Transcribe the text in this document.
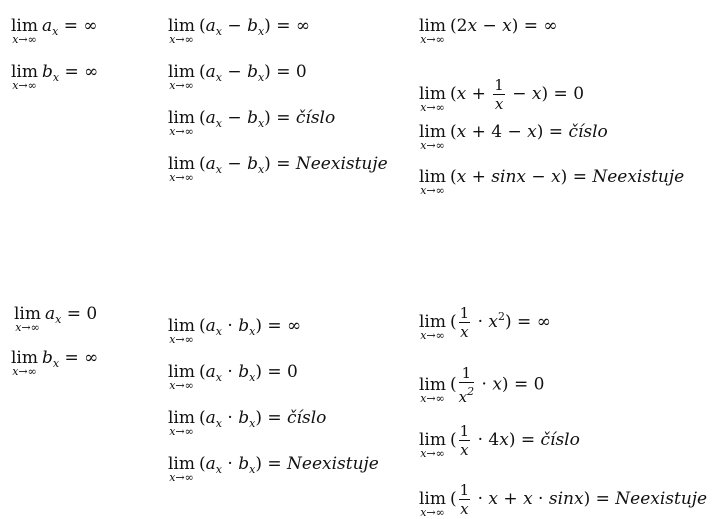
lim
x→∞
$a_x$ = ∞
lim
x→∞
$b_x$ = ∞
lim
x→∞
$(a_x - b_x)$ = ∞
lim
x→∞
$(a_x - b_x) = 0$
lim
x→∞
$(a_x - b_x)$ = číslo
lim
x→∞
$(a_x - b_x)$ = Neexistuje
lim
x→∞
(2x − x) = ∞
lim
x→∞
$(x + \frac{1}{x} - x) = 0$
lim
x→∞
(x + 4 − x) = číslo
lim
x→∞
(x + sinx − x) = Neexistuje
lim
x→∞
$a_x = 0$
lim
x→∞
$b_x$ = ∞
lim
x→∞
$(a_x \cdot b_x)$ = ∞
lim
x→∞
$(a_x \cdot b_x) = 0$
lim
x→∞
$(a_x \cdot b_x)$ = číslo
lim
x→∞
$(a_x \cdot b_x)$ = Neexistuje
lim
x→∞
( $\frac{1}{x} \cdot x^2$) = ∞
lim
x→∞
( $\frac{1}{x^2} \cdot x) = 0$
lim
x→∞
( $\frac{1}{x} \cdot 4x$) = číslo
lim
x→∞
( $\frac{1}{x} \cdot x + x \cdot \sin x$) = Neexistuje
